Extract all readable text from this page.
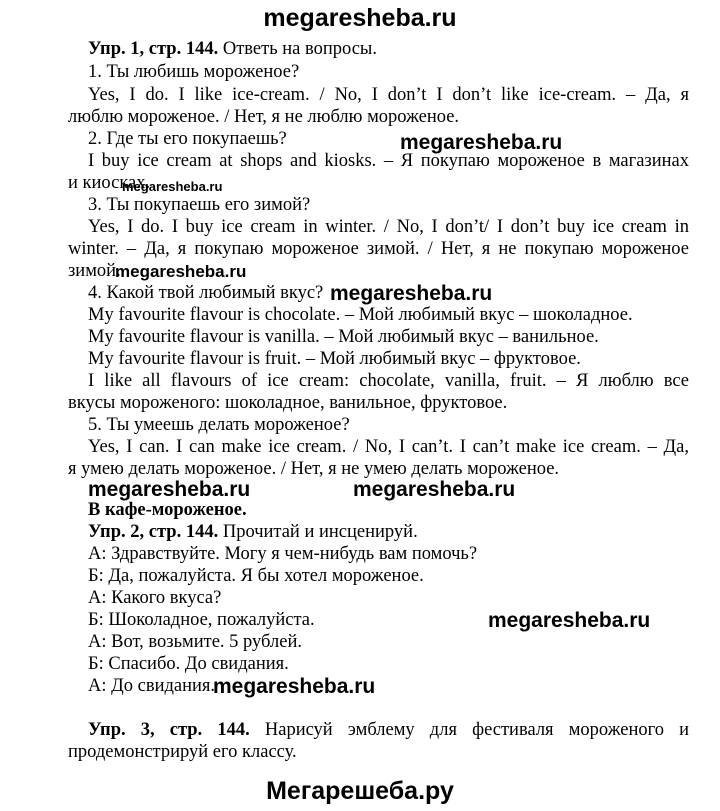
megaresheba.ru
Упр. 1, стр. 144. Ответь на вопросы.
1. Ты любишь мороженое?
Yes, I do. I like ice-cream. / No, I don’t I don’t like ice-cream. – Да, я
люблю мороженое. / Нет, я не люблю мороженое.
2. Где ты его покупаешь?	megaresheba.ru
I buy ice cream at shops and kiosks. – Я покупаю мороженое в магазинах
и киосках.
megaresheba.ru
3. Ты покупаешь его зимой?
Yes, I do. I buy ice cream in winter. / No, I don’t/ I don’t buy ice cream in
winter. – Да, я покупаю мороженое зимой. / Нет, я не покупаю мороженое
зимой.
megaresheba.ru
4. Какой твой любимый вкус? megaresheba.ru
My favourite flavour is chocolate. – Мой любимый вкус – шоколадное.
My favourite flavour is vanilla. – Мой любимый вкус – ванильное.
My favourite flavour is fruit. – Мой любимый вкус – фруктовое.
I like all flavours of ice cream: chocolate, vanilla, fruit. – Я люблю все
вкусы мороженого: шоколадное, ванильное, фруктовое.
5. Ты умеешь делать мороженое?
Yes, I can. I can make ice cream. / No, I can’t. I can’t make ice cream. – Да,
я умею делать мороженое. / Нет, я не умею делать мороженое.
megaresheba.ru	megaresheba.ru
В кафе-мороженое.
Упр. 2, стр. 144. Прочитай и инсценируй.
А: Здравствуйте. Могу я чем-нибудь вам помочь?
Б: Да, пожалуйста. Я бы хотел мороженое.
А: Какого вкуса?
Б: Шоколадное, пожалуйста.	megaresheba.ru
А: Вот, возьмите. 5 рублей.
Б: Спасибо. До свидания.
А: До свидания.
megaresheba.ru
Упр. 3, стр. 144. Нарисуй эмблему для фестиваля мороженого и
продемонстрируй его классу.
Мегарешеба.ру
